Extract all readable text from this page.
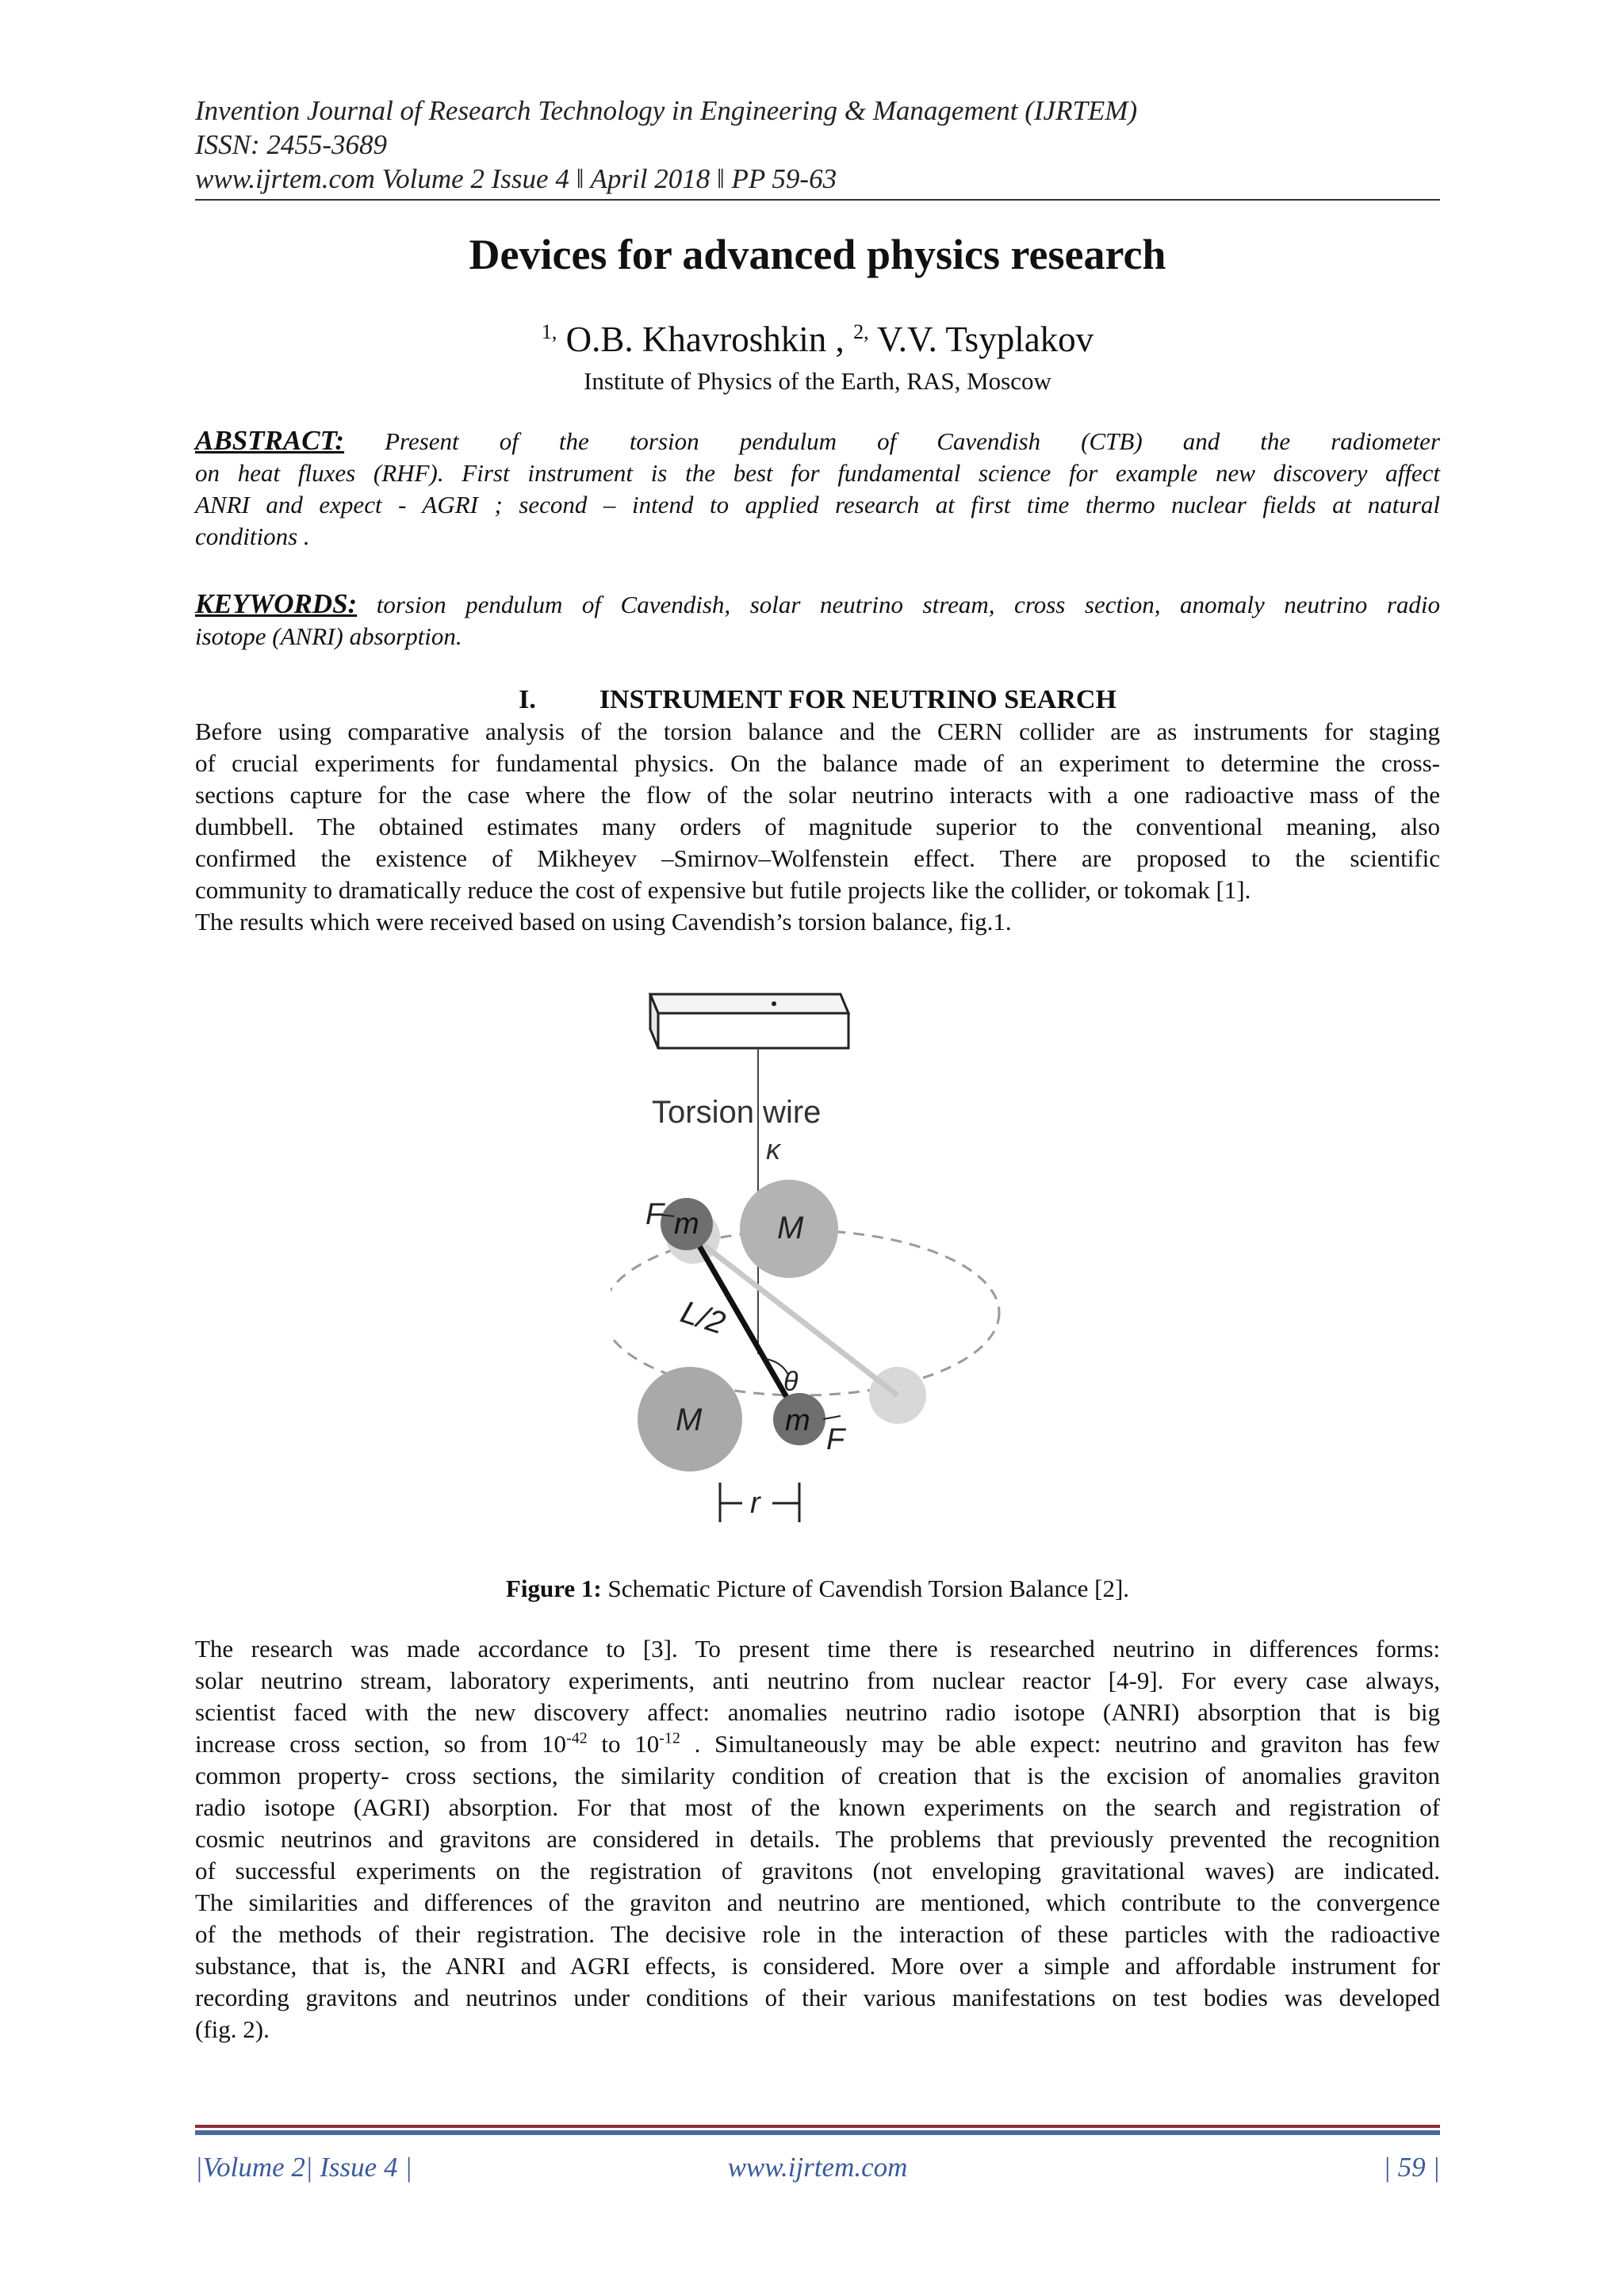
Invention Journal of Research Technology in Engineering & Management (IJRTEM)
ISSN: 2455-3689
www.ijrtem.com Volume 2 Issue 4 ǁ April 2018 ǁ PP 59-63
Devices for advanced physics research
$^{1,}$ O.B. Khavroshkin , $^{2,}$ V.V. Tsyplakov
Institute of Physics of the Earth, RAS, Moscow
ABSTRACT: Present of the torsion pendulum of Cavendish (CTB) and the radiometer
on heat fluxes (RHF). First instrument is the best for fundamental science for example new discovery affect
ANRI and expect - AGRI ; second – intend to applied research at first time thermo nuclear fields at natural
conditions .
KEYWORDS: torsion pendulum of Cavendish, solar neutrino stream, cross section, anomaly neutrino radio
isotope (ANRI) absorption.
I. INSTRUMENT FOR NEUTRINO SEARCH
Before using comparative analysis of the torsion balance and the CERN collider are as instruments for staging
of crucial experiments for fundamental physics. On the balance made of an experiment to determine the cross-
sections capture for the case where the flow of the solar neutrino interacts with a one radioactive mass of the
dumbbell. The obtained estimates many orders of magnitude superior to the conventional meaning, also
confirmed the existence of Mikheyev –Smirnov–Wolfenstein effect. There are proposed to the scientific
community to dramatically reduce the cost of expensive but futile projects like the collider, or tokomak [1].
The results which were received based on using Cavendish’s torsion balance, fig.1.
Torsion wire
κ
F m M
L/2
θ
M	m
F
r
Figure 1: Schematic Picture of Cavendish Torsion Balance [2].
The research was made accordance to [3]. To present time there is researched neutrino in differences forms:
solar neutrino stream, laboratory experiments, anti neutrino from nuclear reactor [4-9]. For every case always,
scientist faced with the new discovery affect: anomalies neutrino radio isotope (ANRI) absorption that is big
increase cross section, so from $10^{-42}$ to $10^{-12}$ . Simultaneously may be able expect: neutrino and graviton has few
common property- cross sections, the similarity condition of creation that is the excision of anomalies graviton
radio isotope (AGRI) absorption. For that most of the known experiments on the search and registration of
cosmic neutrinos and gravitons are considered in details. The problems that previously prevented the recognition
of successful experiments on the registration of gravitons (not enveloping gravitational waves) are indicated.
The similarities and differences of the graviton and neutrino are mentioned, which contribute to the convergence
of the methods of their registration. The decisive role in the interaction of these particles with the radioactive
substance, that is, the ANRI and AGRI effects, is considered. More over a simple and affordable instrument for
recording gravitons and neutrinos under conditions of their various manifestations on test bodies was developed
(fig. 2).
|Volume 2| Issue 4 |	www.ijrtem.com	| 59 |
